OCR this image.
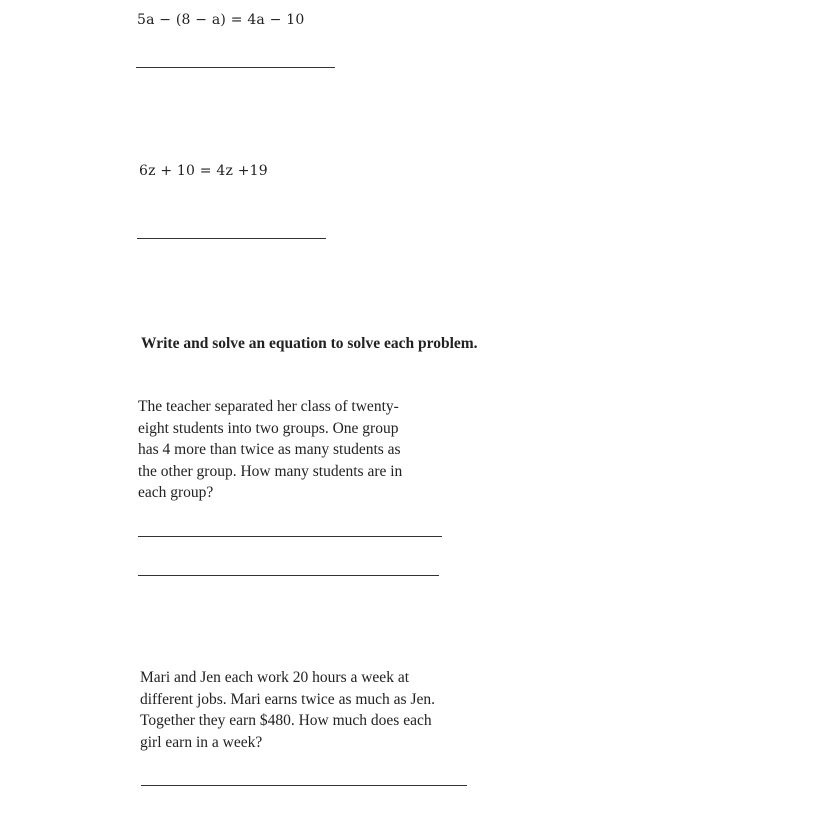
5a − (8 − a) = 4a − 10
6z + 10 = 4z +19
Write and solve an equation to solve each problem.
The teacher separated her class of twenty-
eight students into two groups. One group
has 4 more than twice as many students as
the other group. How many students are in
each group?
Mari and Jen each work 20 hours a week at
different jobs. Mari earns twice as much as Jen.
Together they earn $480. How much does each
girl earn in a week?
